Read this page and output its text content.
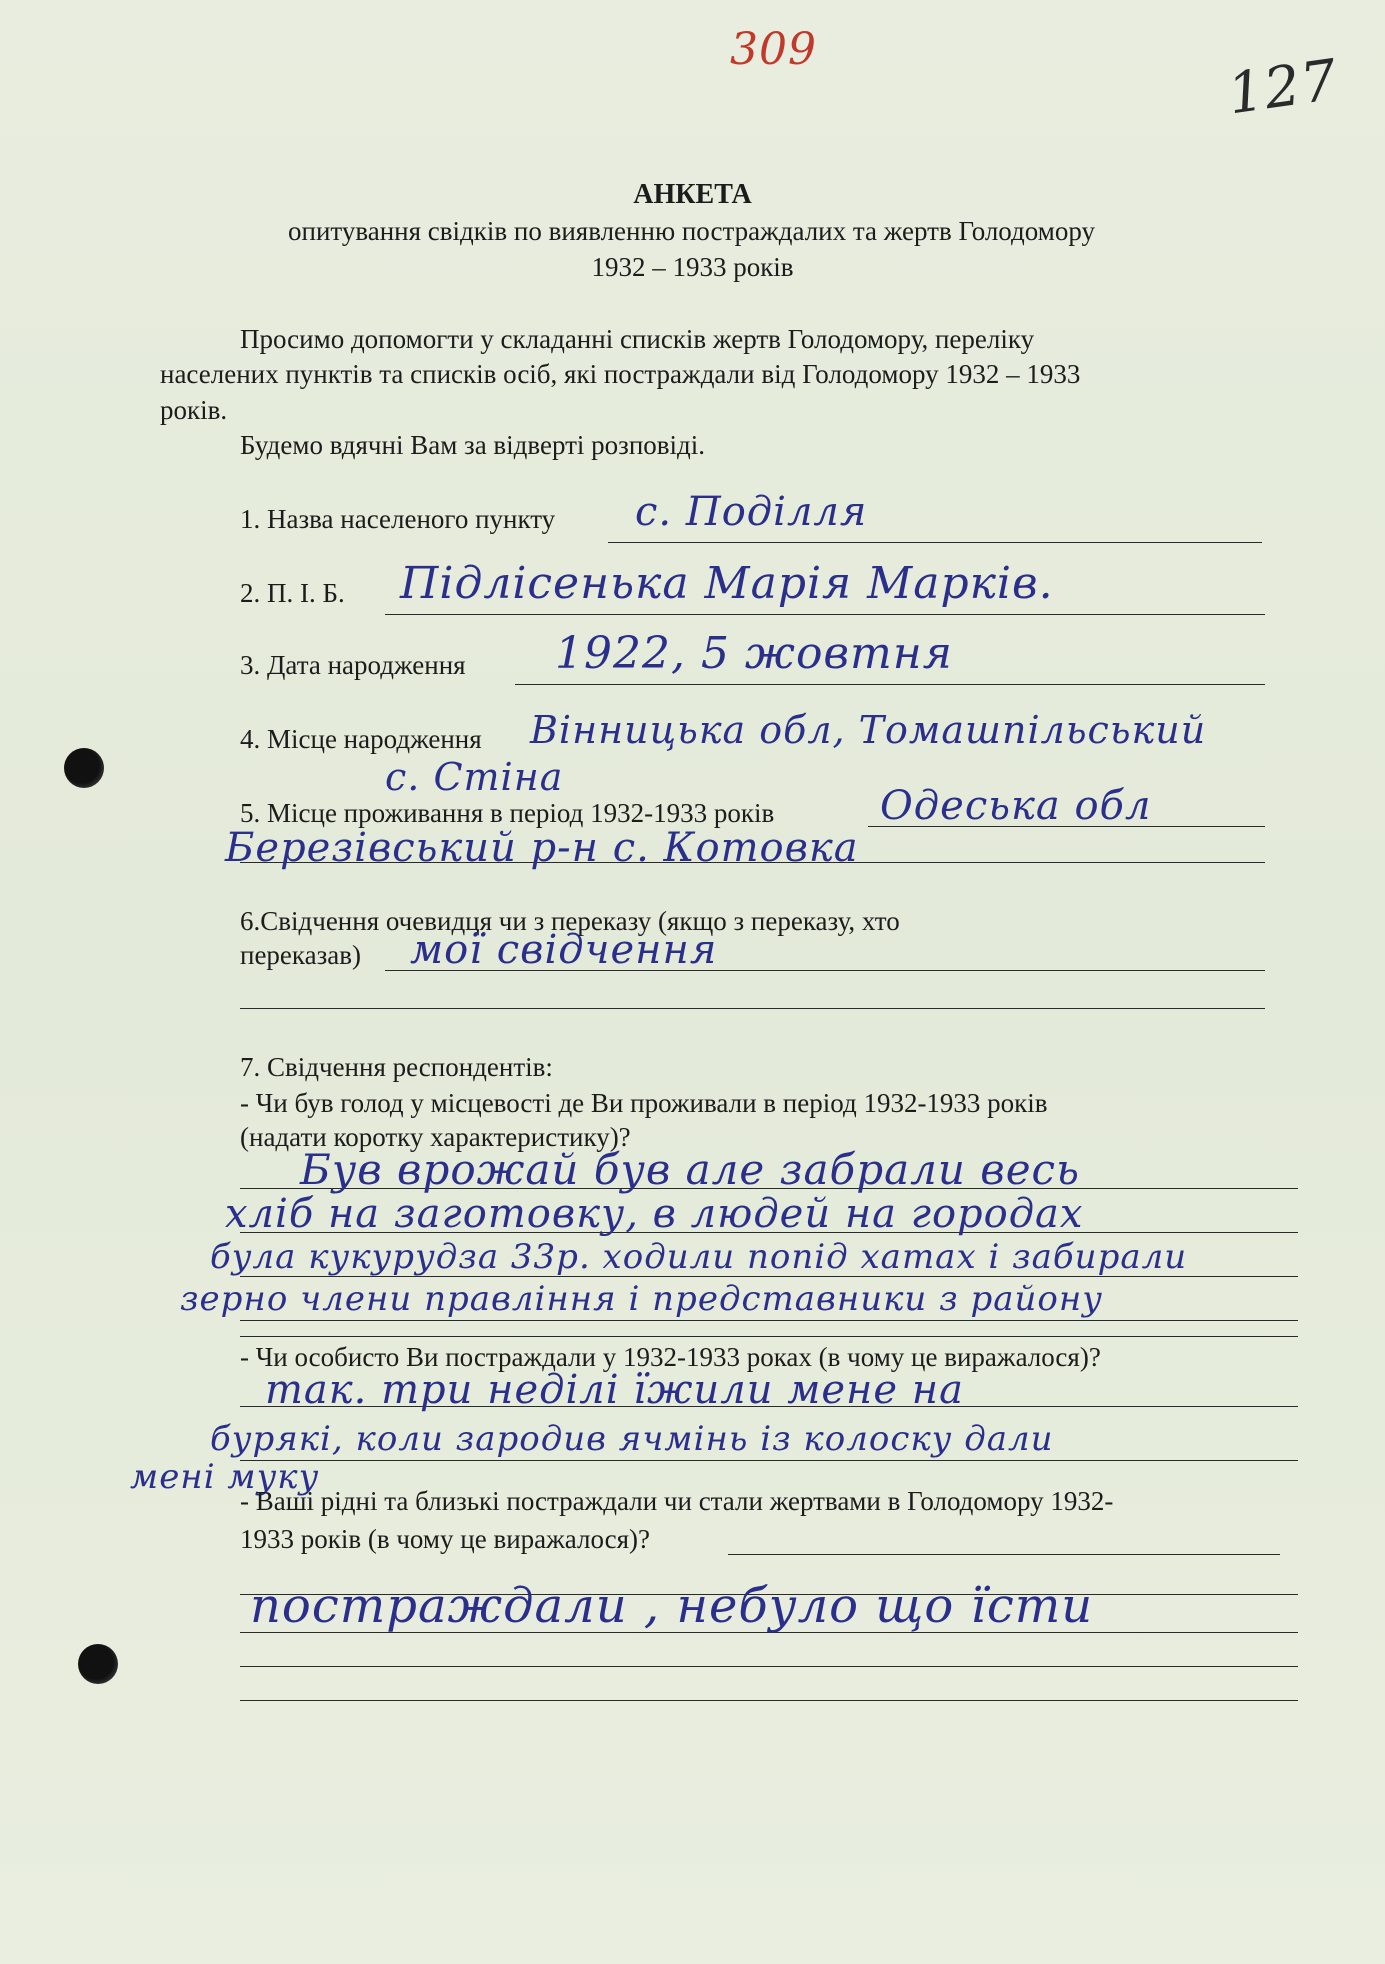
309	127
АНКЕТА
опитування свідків по виявленню постраждалих та жертв Голодомору
1932 – 1933 років
Просимо допомогти у складанні списків жертв Голодомору, переліку
населених пунктів та списків осіб, які постраждали від Голодомору 1932 – 1933
років.
Будемо вдячні Вам за відверті розповіді.
1. Назва населеного пункту с. Поділля
2. П. І. Б. Підлісенька Марія Марків.
3. Дата народження 1922, 5 жовтня
4. Місце народження Вінницька обл, Томашпільський
с. Стіна
5. Місце проживання в період 1932-1933 років	Одеська обл
Березівський р-н с. Котовка
6.Свідчення очевидця чи з переказу (якщо з переказу, хто
переказав) мої свідчення
7. Свідчення респондентів:
- Чи був голод у місцевості де Ви проживали в період 1932-1933 років
(надати коротку характеристику)?
Був врожай був але забрали весь
хліб на заготовку, в людей на городах
була кукурудза 33р. ходили попід хатах і забирали
зерно члени правління і представники з району
- Чи особисто Ви постраждали у 1932-1933 роках (в чому це виражалося)?
так. три неділі їжили мене на
бурякі, коли зародив ячмінь із колоску дали
мені муку
- Ваші рідні та близькі постраждали чи стали жертвами в Голодомору 1932-
1933 років (в чому це виражалося)?
постраждали , небуло що їсти
